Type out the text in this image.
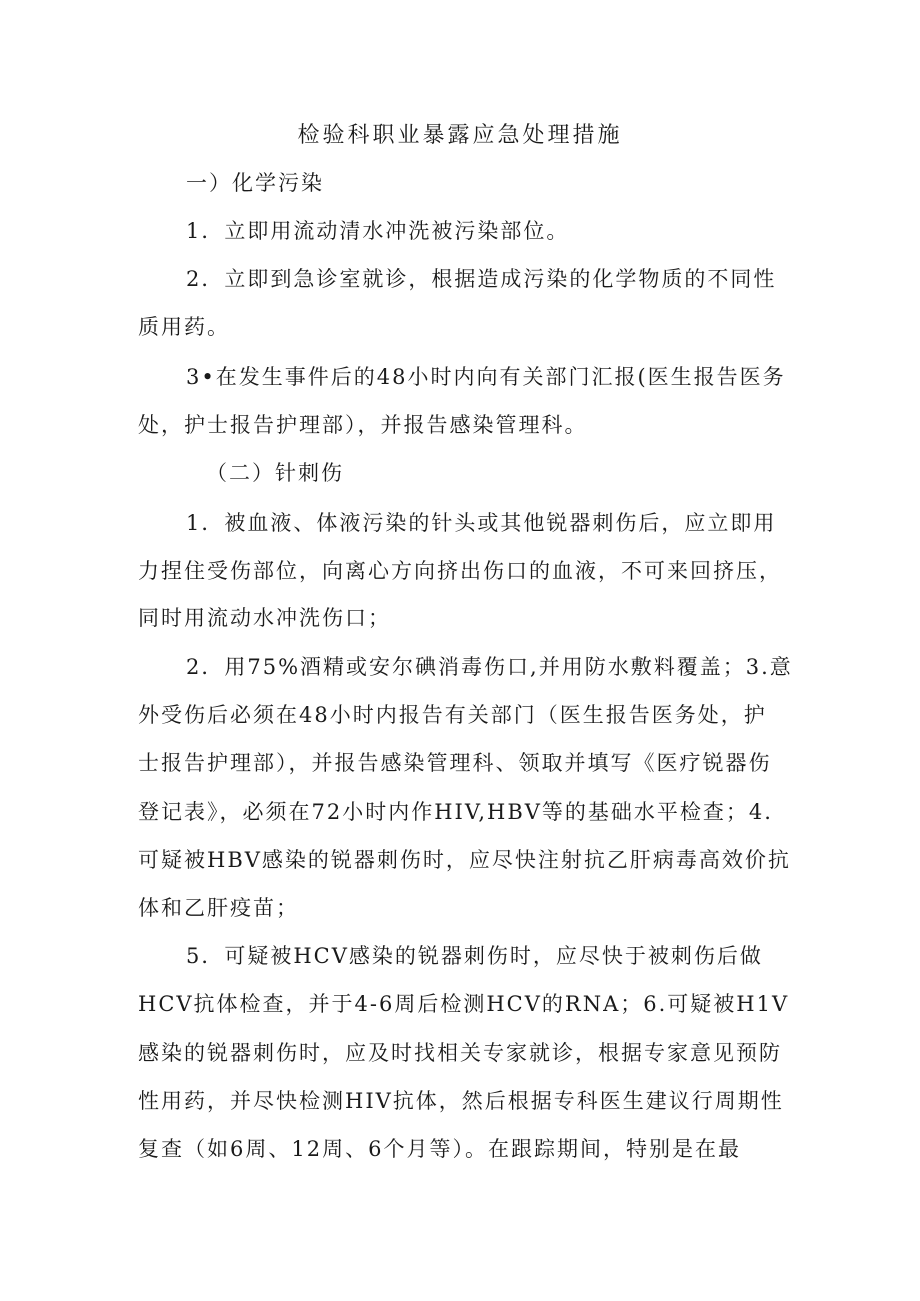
检验科职业暴露应急处理措施
一）化学污染
1．立即用流动清水冲洗被污染部位。
2．立即到急诊室就诊，根据造成污染的化学物质的不同性
质用药。
3•在发生事件后的48小时内向有关部门汇报(医生报告医务
处，护士报告护理部），并报告感染管理科。
（二）针刺伤
1．被血液、体液污染的针头或其他锐器刺伤后，应立即用
力捏住受伤部位，向离心方向挤出伤口的血液，不可来回挤压，
同时用流动水冲洗伤口；
2．用75%酒精或安尔碘消毒伤口,并用防水敷料覆盖；3.意
外受伤后必须在48小时内报告有关部门（医生报告医务处，护
士报告护理部），并报告感染管理科、领取并填写《医疗锐器伤
登记表》，必须在72小时内作HIV,HBV等的基础水平检查；4.
可疑被HBV感染的锐器刺伤时，应尽快注射抗乙肝病毒高效价抗
体和乙肝疫苗；
5．可疑被HCV感染的锐器刺伤时，应尽快于被刺伤后做
HCV抗体检查，并于4-6周后检测HCV的RNA；6.可疑被H1V
感染的锐器刺伤时，应及时找相关专家就诊，根据专家意见预防
性用药，并尽快检测HIV抗体，然后根据专科医生建议行周期性
复查（如6周、12周、6个月等）。在跟踪期间，特别是在最
